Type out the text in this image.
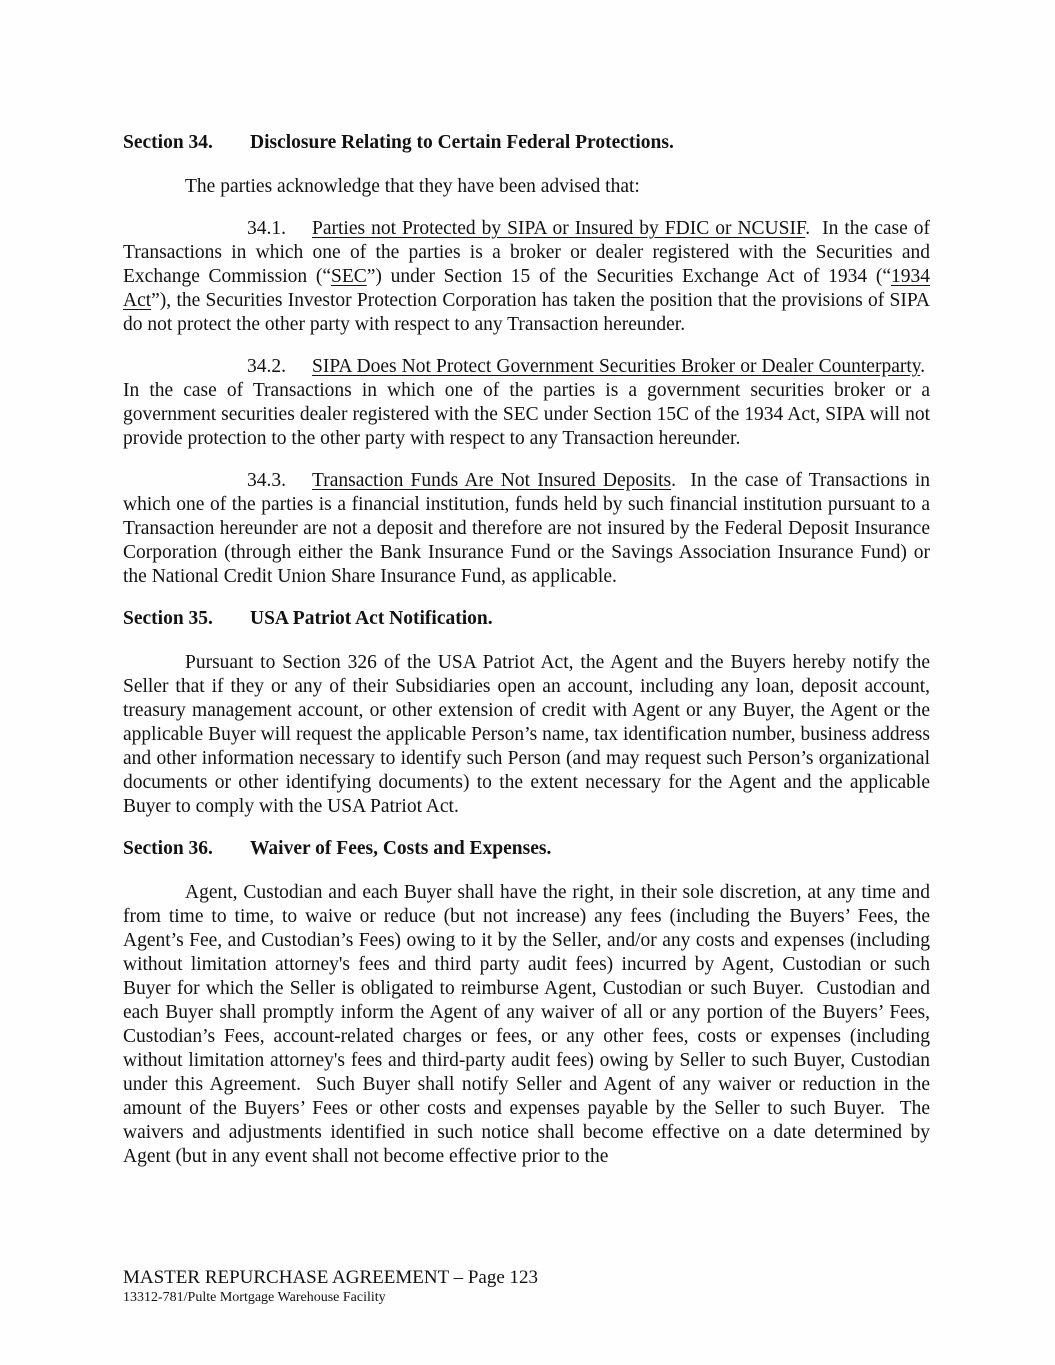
Section 34. Disclosure Relating to Certain Federal Protections.

The parties acknowledge that they have been advised that:

34.1. Parties not Protected by SIPA or Insured by FDIC or NCUSIF.  In the case of Transactions in which one of the parties is a broker or dealer registered with the Securities and Exchange Commission (“SEC”) under Section 15 of the Securities Exchange Act of 1934 (“1934 Act”), the Securities Investor Protection Corporation has taken the position that the provisions of SIPA do not protect the other party with respect to any Transaction hereunder.

34.2. SIPA Does Not Protect Government Securities Broker or Dealer Counterparty.  In the case of Transactions in which one of the parties is a government securities broker or a government securities dealer registered with the SEC under Section 15C of the 1934 Act, SIPA will not provide protection to the other party with respect to any Transaction hereunder.

34.3. Transaction Funds Are Not Insured Deposits.  In the case of Transactions in which one of the parties is a financial institution, funds held by such financial institution pursuant to a Transaction hereunder are not a deposit and therefore are not insured by the Federal Deposit Insurance Corporation (through either the Bank Insurance Fund or the Savings Association Insurance Fund) or the National Credit Union Share Insurance Fund, as applicable.

Section 35. USA Patriot Act Notification.

Pursuant to Section 326 of the USA Patriot Act, the Agent and the Buyers hereby notify the Seller that if they or any of their Subsidiaries open an account, including any loan, deposit account, treasury management account, or other extension of credit with Agent or any Buyer, the Agent or the applicable Buyer will request the applicable Person’s name, tax identification number, business address and other information necessary to identify such Person (and may request such Person’s organizational documents or other identifying documents) to the extent necessary for the Agent and the applicable Buyer to comply with the USA Patriot Act.

Section 36. Waiver of Fees, Costs and Expenses.

Agent, Custodian and each Buyer shall have the right, in their sole discretion, at any time and from time to time, to waive or reduce (but not increase) any fees (including the Buyers’ Fees, the Agent’s Fee, and Custodian’s Fees) owing to it by the Seller, and/or any costs and expenses (including without limitation attorney's fees and third party audit fees) incurred by Agent, Custodian or such Buyer for which the Seller is obligated to reimburse Agent, Custodian or such Buyer.  Custodian and each Buyer shall promptly inform the Agent of any waiver of all or any portion of the Buyers’ Fees, Custodian’s Fees, account-related charges or fees, or any other fees, costs or expenses (including without limitation attorney's fees and third-party audit fees) owing by Seller to such Buyer, Custodian under this Agreement.  Such Buyer shall notify Seller and Agent of any waiver or reduction in the amount of the Buyers’ Fees or other costs and expenses payable by the Seller to such Buyer.  The waivers and adjustments identified in such notice shall become effective on a date determined by Agent (but in any event shall not become effective prior to the

MASTER REPURCHASE AGREEMENT – Page 123
13312-781/Pulte Mortgage Warehouse Facility
